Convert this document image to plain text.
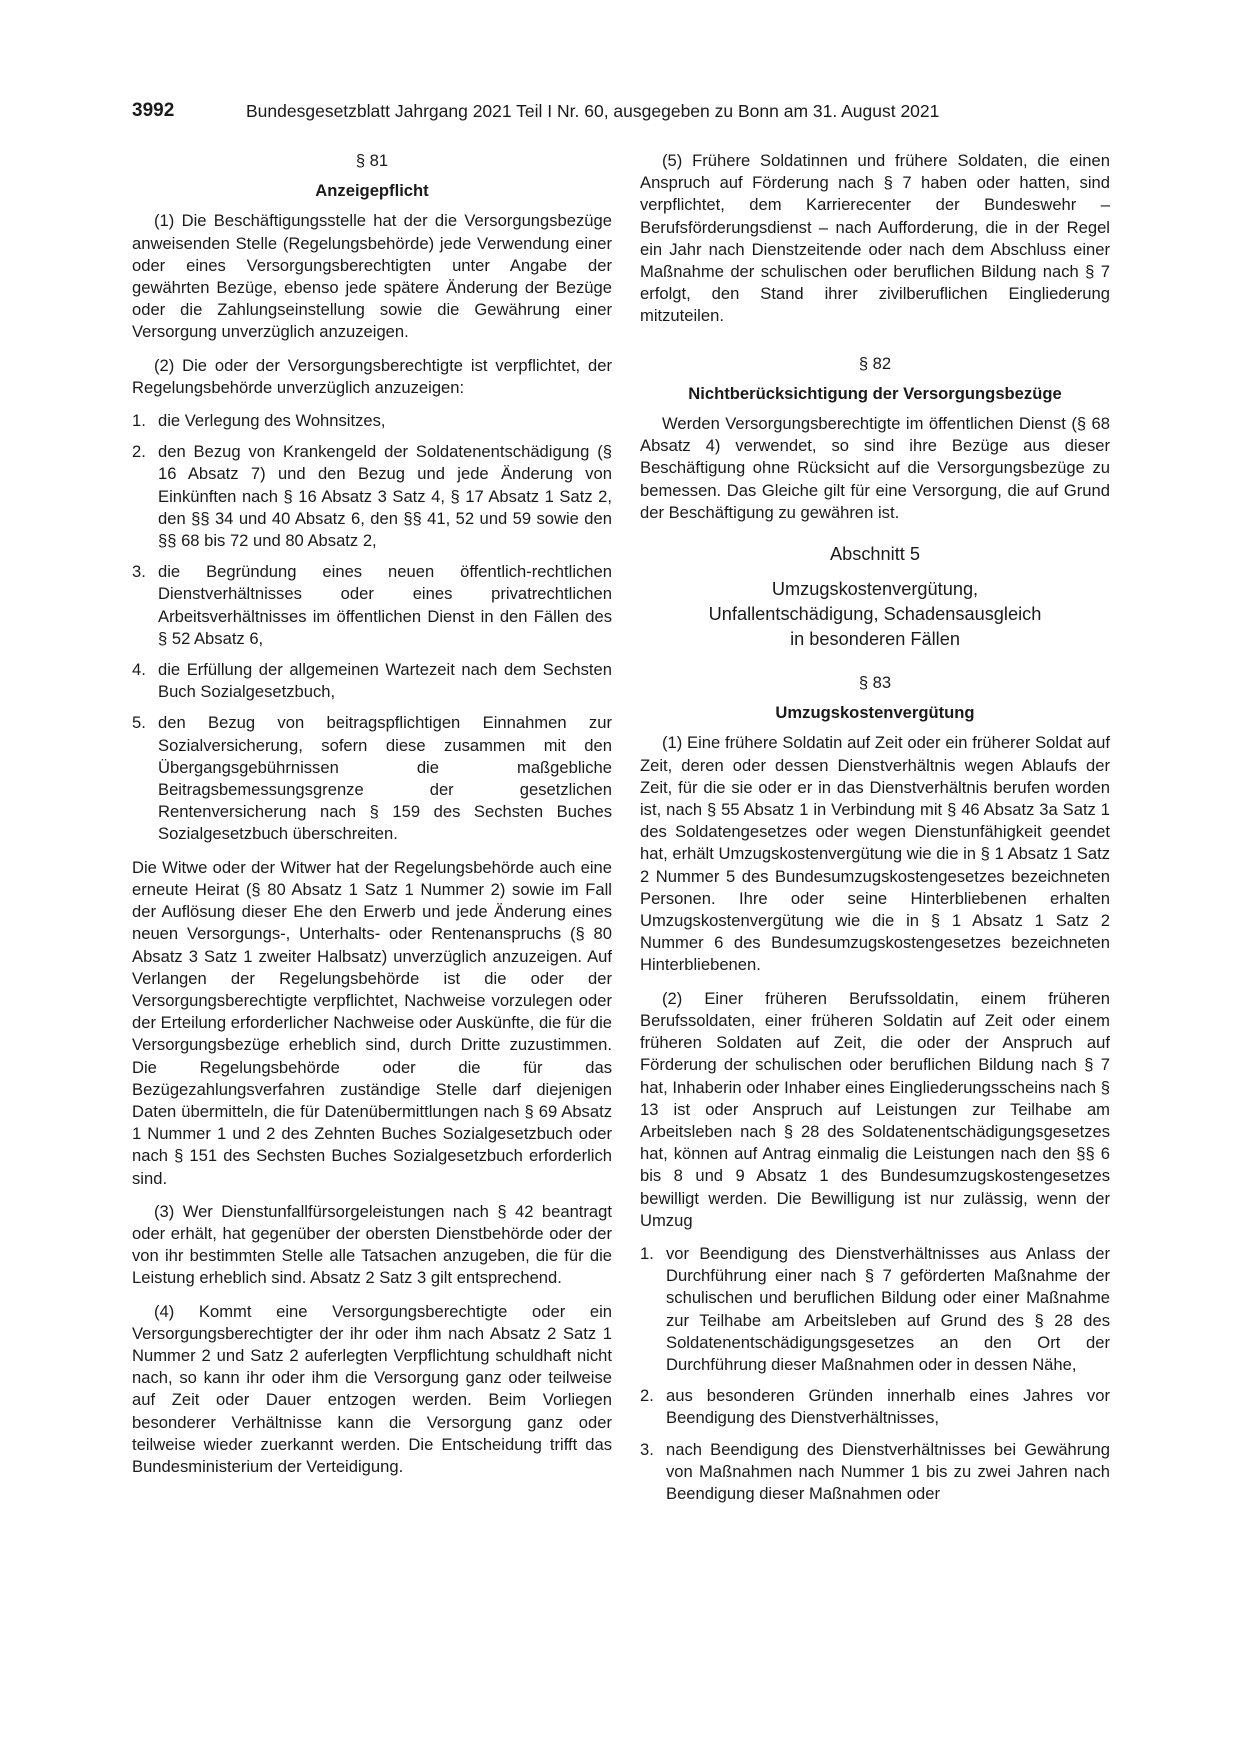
3992	Bundesgesetzblatt Jahrgang 2021 Teil I Nr. 60, ausgegeben zu Bonn am 31. August 2021
§ 81
Anzeigepflicht

(1) Die Beschäftigungsstelle hat der die Versorgungsbezüge anweisenden Stelle (Regelungsbehörde) jede Verwendung einer oder eines Versorgungsberechtigten unter Angabe der gewährten Bezüge, ebenso jede spätere Änderung der Bezüge oder die Zahlungseinstellung sowie die Gewährung einer Versorgung unverzüglich anzuzeigen.

(2) Die oder der Versorgungsberechtigte ist verpflichtet, der Regelungsbehörde unverzüglich anzuzeigen:

1. die Verlegung des Wohnsitzes,
2. den Bezug von Krankengeld der Soldatenentschädigung (§ 16 Absatz 7) und den Bezug und jede Änderung von Einkünften nach § 16 Absatz 3 Satz 4, § 17 Absatz 1 Satz 2, den §§ 34 und 40 Absatz 6, den §§ 41, 52 und 59 sowie den §§ 68 bis 72 und 80 Absatz 2,
3. die Begründung eines neuen öffentlich-rechtlichen Dienstverhältnisses oder eines privatrechtlichen Arbeitsverhältnisses im öffentlichen Dienst in den Fällen des § 52 Absatz 6,
4. die Erfüllung der allgemeinen Wartezeit nach dem Sechsten Buch Sozialgesetzbuch,
5. den Bezug von beitragspflichtigen Einnahmen zur Sozialversicherung, sofern diese zusammen mit den Übergangsgebührnissen die maßgebliche Beitragsbemessungsgrenze der gesetzlichen Rentenversicherung nach § 159 des Sechsten Buches Sozialgesetzbuch überschreiten.

Die Witwe oder der Witwer hat der Regelungsbehörde auch eine erneute Heirat (§ 80 Absatz 1 Satz 1 Nummer 2) sowie im Fall der Auflösung dieser Ehe den Erwerb und jede Änderung eines neuen Versorgungs-, Unterhalts- oder Rentenanspruchs (§ 80 Absatz 3 Satz 1 zweiter Halbsatz) unverzüglich anzuzeigen. Auf Verlangen der Regelungsbehörde ist die oder der Versorgungsberechtigte verpflichtet, Nachweise vorzulegen oder der Erteilung erforderlicher Nachweise oder Auskünfte, die für die Versorgungsbezüge erheblich sind, durch Dritte zuzustimmen. Die Regelungsbehörde oder die für das Bezügezahlungsverfahren zuständige Stelle darf diejenigen Daten übermitteln, die für Datenübermittlungen nach § 69 Absatz 1 Nummer 1 und 2 des Zehnten Buches Sozialgesetzbuch oder nach § 151 des Sechsten Buches Sozialgesetzbuch erforderlich sind.

(3) Wer Dienstunfallfürsorgeleistungen nach § 42 beantragt oder erhält, hat gegenüber der obersten Dienstbehörde oder der von ihr bestimmten Stelle alle Tatsachen anzugeben, die für die Leistung erheblich sind. Absatz 2 Satz 3 gilt entsprechend.

(4) Kommt eine Versorgungsberechtigte oder ein Versorgungsberechtigter der ihr oder ihm nach Absatz 2 Satz 1 Nummer 2 und Satz 2 auferlegten Verpflichtung schuldhaft nicht nach, so kann ihr oder ihm die Versorgung ganz oder teilweise auf Zeit oder Dauer entzogen werden. Beim Vorliegen besonderer Verhältnisse kann die Versorgung ganz oder teilweise wieder zuerkannt werden. Die Entscheidung trifft das Bundesministerium der Verteidigung.

(5) Frühere Soldatinnen und frühere Soldaten, die einen Anspruch auf Förderung nach § 7 haben oder hatten, sind verpflichtet, dem Karrierecenter der Bundeswehr – Berufsförderungsdienst – nach Aufforderung, die in der Regel ein Jahr nach Dienstzeitende oder nach dem Abschluss einer Maßnahme der schulischen oder beruflichen Bildung nach § 7 erfolgt, den Stand ihrer zivilberuflichen Eingliederung mitzuteilen.

§ 82
Nichtberücksichtigung der Versorgungsbezüge

Werden Versorgungsberechtigte im öffentlichen Dienst (§ 68 Absatz 4) verwendet, so sind ihre Bezüge aus dieser Beschäftigung ohne Rücksicht auf die Versorgungsbezüge zu bemessen. Das Gleiche gilt für eine Versorgung, die auf Grund der Beschäftigung zu gewähren ist.

Abschnitt 5
Umzugskostenvergütung,
Unfallentschädigung, Schadensausgleich
in besonderen Fällen
§ 83
Umzugskostenvergütung

(1) Eine frühere Soldatin auf Zeit oder ein früherer Soldat auf Zeit, deren oder dessen Dienstverhältnis wegen Ablaufs der Zeit, für die sie oder er in das Dienstverhältnis berufen worden ist, nach § 55 Absatz 1 in Verbindung mit § 46 Absatz 3a Satz 1 des Soldatengesetzes oder wegen Dienstunfähigkeit geendet hat, erhält Umzugskostenvergütung wie die in § 1 Absatz 1 Satz 2 Nummer 5 des Bundesumzugskostengesetzes bezeichneten Personen. Ihre oder seine Hinterbliebenen erhalten Umzugskostenvergütung wie die in § 1 Absatz 1 Satz 2 Nummer 6 des Bundesumzugskostengesetzes bezeichneten Hinterbliebenen.

(2) Einer früheren Berufssoldatin, einem früheren Berufssoldaten, einer früheren Soldatin auf Zeit oder einem früheren Soldaten auf Zeit, die oder der Anspruch auf Förderung der schulischen oder beruflichen Bildung nach § 7 hat, Inhaberin oder Inhaber eines Eingliederungsscheins nach § 13 ist oder Anspruch auf Leistungen zur Teilhabe am Arbeitsleben nach § 28 des Soldatenentschädigungsgesetzes hat, können auf Antrag einmalig die Leistungen nach den §§ 6 bis 8 und 9 Absatz 1 des Bundesumzugskostengesetzes bewilligt werden. Die Bewilligung ist nur zulässig, wenn der Umzug

1. vor Beendigung des Dienstverhältnisses aus Anlass der Durchführung einer nach § 7 geförderten Maßnahme der schulischen und beruflichen Bildung oder einer Maßnahme zur Teilhabe am Arbeitsleben auf Grund des § 28 des Soldatenentschädigungsgesetzes an den Ort der Durchführung dieser Maßnahmen oder in dessen Nähe,
2. aus besonderen Gründen innerhalb eines Jahres vor Beendigung des Dienstverhältnisses,
3. nach Beendigung des Dienstverhältnisses bei Gewährung von Maßnahmen nach Nummer 1 bis zu zwei Jahren nach Beendigung dieser Maßnahmen oder
